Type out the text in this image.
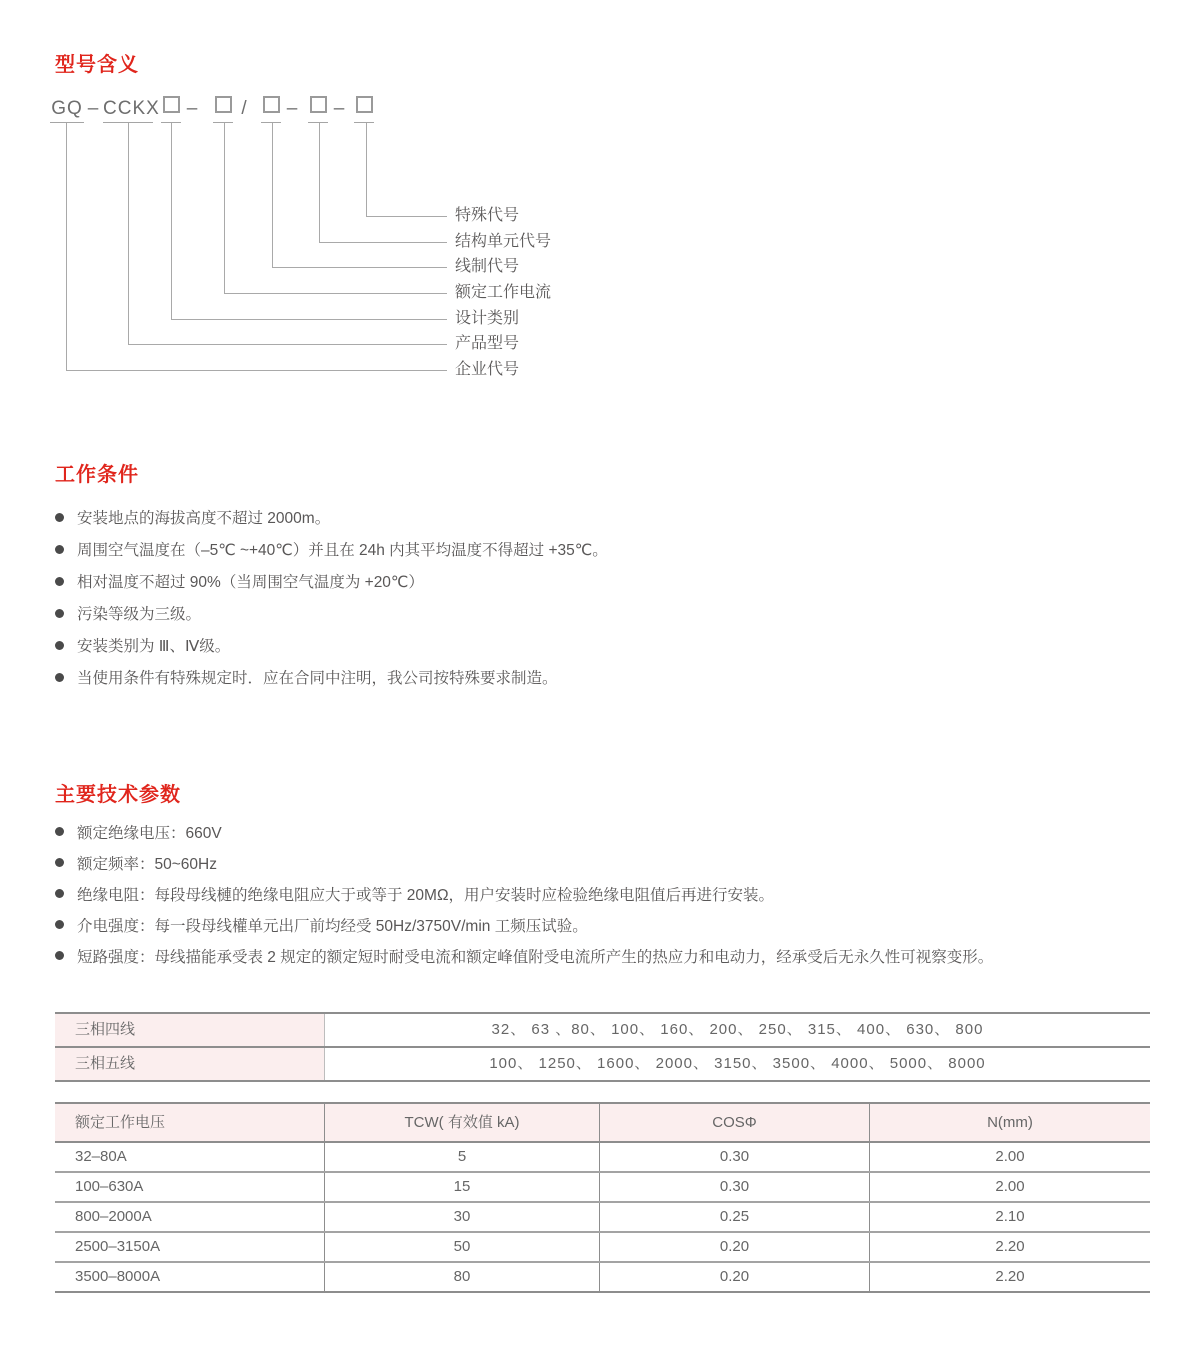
型号含义
GQ – CCKX – / – –
特殊代号
结构单元代号
线制代号
额定工作电流
设计类别
产品型号
企业代号
工作条件
安装地点的海拔高度不超过 2000m。
周围空气温度在（–5℃ ~+40℃）并且在 24h 内其平均温度不得超过 +35℃。
相对温度不超过 90%（当周围空气温度为 +20℃）
污染等级为三级。
安装类别为 Ⅲ、Ⅳ级。
当使用条件有特殊规定时．应在合同中注明，我公司按特殊要求制造。
主要技术参数
额定绝缘电压：660V
额定频率：50~60Hz
绝缘电阻：每段母线槤的绝缘电阻应大于或等于 20MΩ，用户安装时应检验绝缘电阻值后再进行安装。
介电强度：每一段母线權单元出厂前均经受 50Hz/3750V/min 工频压试验。
短路强度：母线描能承受表 2 规定的额定短时耐受电流和额定峰值附受电流所产生的热应力和电动力，经承受后无永久性可视察变形。
三相四线	32、 63 、80、 100、 160、 200、 250、 315、 400、 630、 800
三相五线	100、 1250、 1600、 2000、 3150、 3500、 4000、 5000、 8000
额定工作电压	TCW( 有效值 kA)	COSΦ	N(mm)
32–80A	5	0.30	2.00
100–630A	15	0.30	2.00
800–2000A	30	0.25	2.10
2500–3150A	50	0.20	2.20
3500–8000A	80	0.20	2.20
